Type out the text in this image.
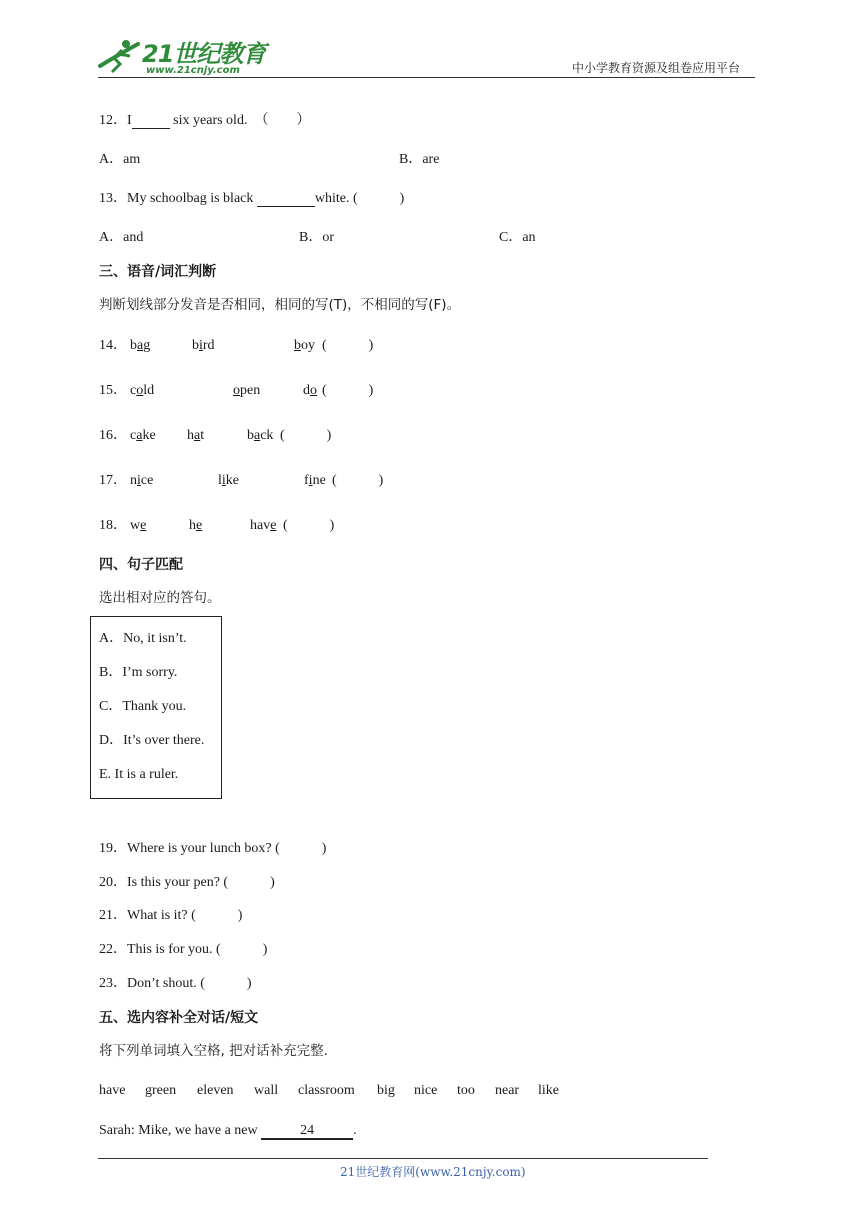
21世纪教育
www.21cnjy.com	中小学教育资源及组卷应用平台
12．I	six years old. （　　）
A．am	B．are
13．My schoolbag is black	white. (　　　	)
A．and	B．or	C．an
三、语音/词汇判断
判断划线部分发音是否相同，相同的写(T)，不相同的写(F)。
14． bag	bird	boy (　　　)
15． cold	open	do (　　　)
16． cake hat	back (　　　)
17． nice	like	fine (　　　)
18． we	he	have (　　　)
四、句子匹配
选出相对应的答句。
A．No, it isn’t.
B．I’m sorry.
C．Thank you.
D．It’s over there.
E. It is a ruler.
19．Where is your lunch box? (　　　)
20．Is this your pen? (　　　)
21．What is it? (　　　)
22．This is for you. (　　　)
23．Don’t shout. (　　　)
五、选内容补全对话/短文
将下列单词填入空格, 把对话补充完整.
have green eleven wall classroom big nice too near like
Sarah: Mike, we have a new	24	.
21世纪教育网(www.21cnjy.com)
